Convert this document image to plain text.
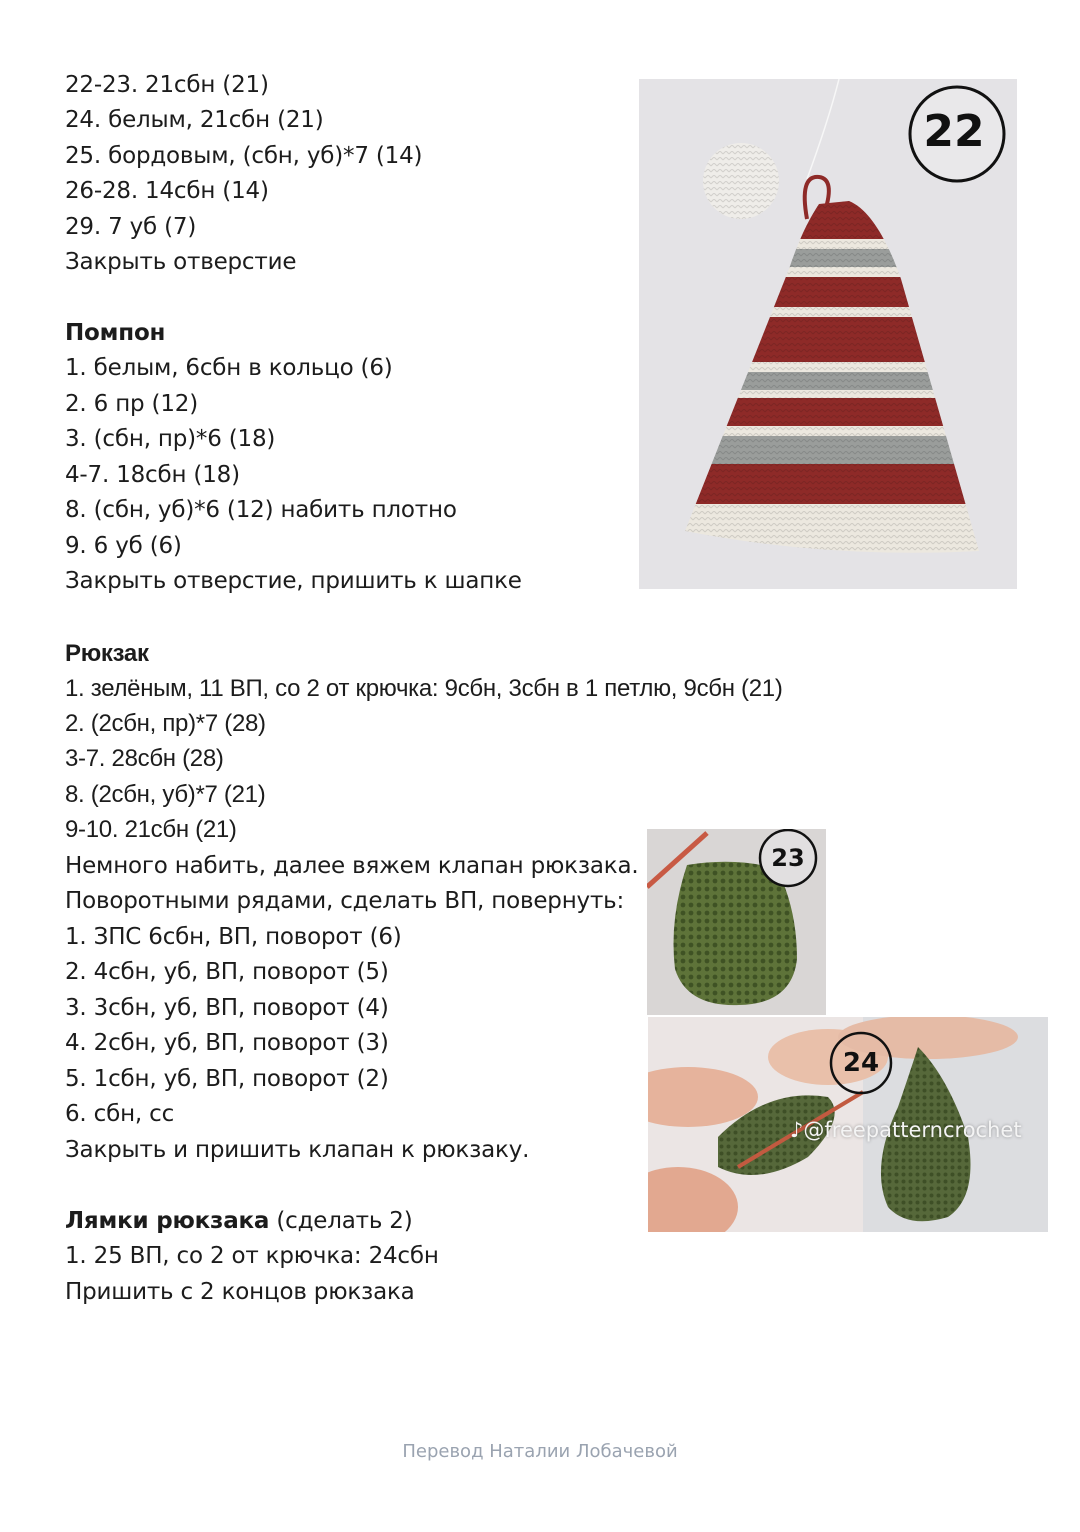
22-23. 21сбн (21)
24. белым, 21сбн (21)
25. бордовым, (сбн, уб)*7 (14)
26-28. 14сбн (14)
29. 7 уб (7)
Закрыть отверстие
Помпон
1. белым, 6сбн в кольцо (6)
2. 6 пр (12)
3. (сбн, пр)*6 (18)
4-7. 18сбн (18)
8. (сбн, уб)*6 (12) набить плотно
9. 6 уб (6)
Закрыть отверстие, пришить к шапке
Рюкзак
1. зелёным, 11 ВП, со 2 от крючка: 9сбн, 3сбн в 1 петлю, 9сбн (21)
2. (2сбн, пр)*7 (28)
3-7. 28сбн (28)
8. (2сбн, уб)*7 (21)
9-10. 21сбн (21)
Немного набить, далее вяжем клапан рюкзака.
Поворотными рядами, сделать ВП, повернуть:
1. ЗПС 6сбн, ВП, поворот (6)
2. 4сбн, уб, ВП, поворот (5)
3. 3сбн, уб, ВП, поворот (4)
4. 2сбн, уб, ВП, поворот (3)
5. 1сбн, уб, ВП, поворот (2)
6. сбн, сс
Закрыть и пришить клапан к рюкзаку.
Лямки рюкзака (сделать 2)
1. 25 ВП, со 2 от крючка: 24сбн
Пришить с 2 концов рюкзака
22
23
24
♪@freepatterncrochet
Перевод Наталии Лобачевой
